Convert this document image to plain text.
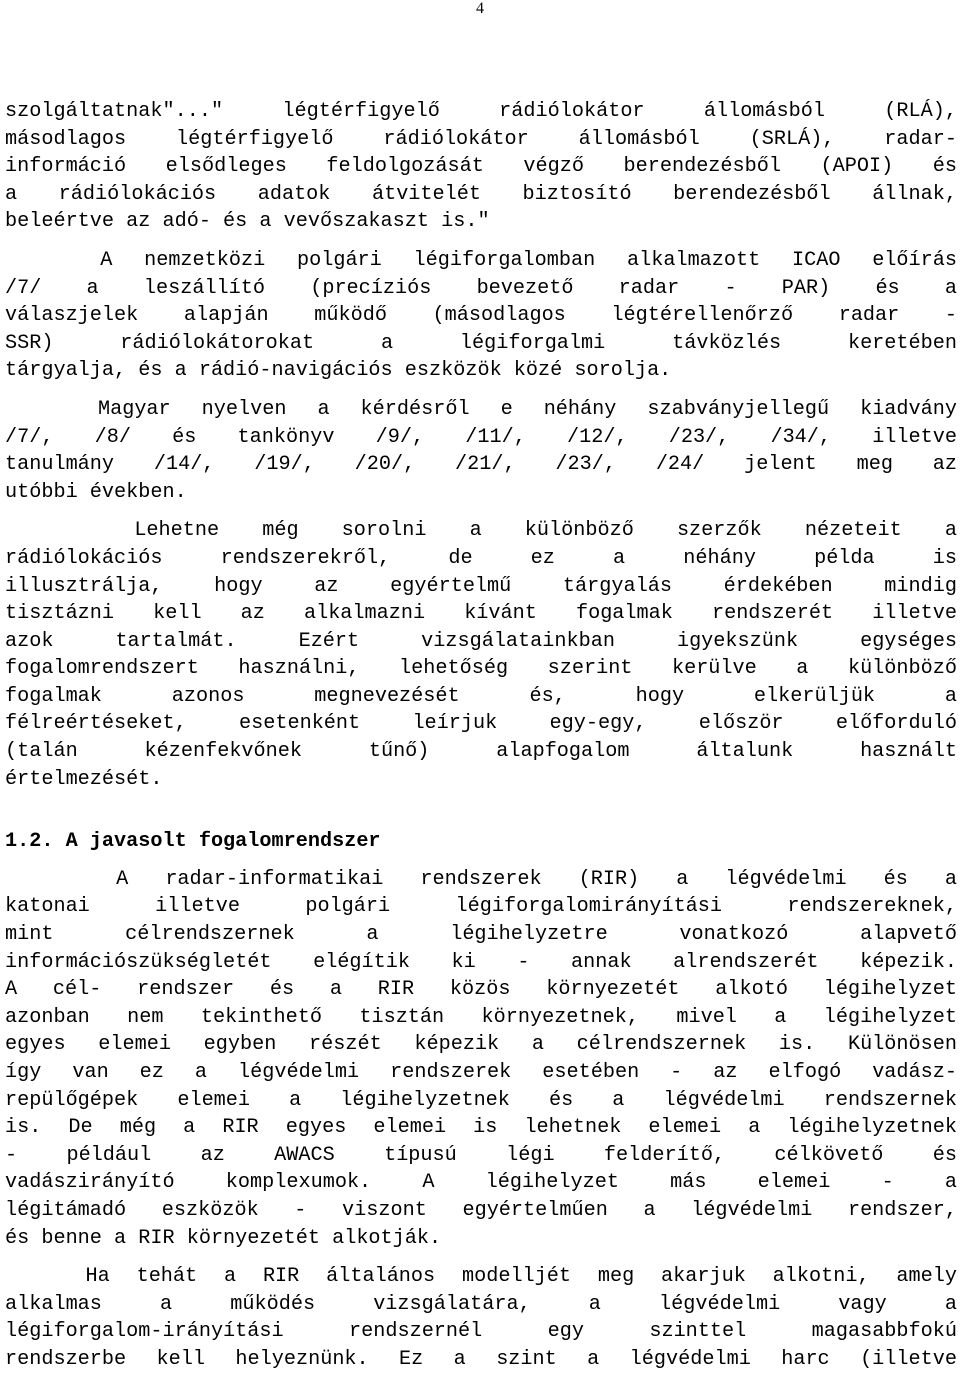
4
szolgáltatnak"..." légtérfigyelő rádiólokátor állomásból (RLÁ),
másodlagos légtérfigyelő rádiólokátor állomásból (SRLÁ), radar-
információ elsődleges feldolgozását végző berendezésből (APOI) és
a rádiólokációs adatok átvitelét biztosító berendezésből állnak,
beleértve az adó- és a vevőszakaszt is."
A nemzetközi polgári légiforgalomban alkalmazott ICAO előírás
/7/ a leszállító (precíziós bevezető radar - PAR) és a
válaszjelek alapján működő (másodlagos légtérellenőrző radar -
SSR) rádiólokátorokat a légiforgalmi távközlés keretében
tárgyalja, és a rádió-navigációs eszközök közé sorolja.
Magyar nyelven a kérdésről e néhány szabványjellegű kiadvány
/7/, /8/ és tankönyv /9/, /11/, /12/, /23/, /34/, illetve
tanulmány /14/, /19/, /20/, /21/, /23/, /24/ jelent meg az
utóbbi években.
Lehetne még sorolni a különböző szerzők nézeteit a
rádiólokációs rendszerekről, de ez a néhány példa is
illusztrálja, hogy az egyértelmű tárgyalás érdekében mindig
tisztázni kell az alkalmazni kívánt fogalmak rendszerét illetve
azok tartalmát. Ezért vizsgálatainkban igyekszünk egységes
fogalomrendszert használni, lehetőség szerint kerülve a különböző
fogalmak azonos megnevezését és, hogy elkerüljük a
félreértéseket, esetenként leírjuk egy-egy, először előforduló
(talán kézenfekvőnek tűnő) alapfogalom általunk használt
értelmezését.
1.2. A javasolt fogalomrendszer
A radar-informatikai rendszerek (RIR) a légvédelmi és a
katonai illetve polgári légiforgalomirányítási rendszereknek,
mint célrendszernek a légihelyzetre vonatkozó alapvető
információszükségletét elégítik ki - annak alrendszerét képezik.
A cél- rendszer és a RIR közös környezetét alkotó légihelyzet
azonban nem tekinthető tisztán környezetnek, mivel a légihelyzet
egyes elemei egyben részét képezik a célrendszernek is. Különösen
így van ez a légvédelmi rendszerek esetében - az elfogó vadász-
repülőgépek elemei a légihelyzetnek és a légvédelmi rendszernek
is. De még a RIR egyes elemei is lehetnek elemei a légihelyzetnek
- például az AWACS típusú légi felderítő, célkövető és
vadászirányító komplexumok. A légihelyzet más elemei - a
légitámadó eszközök - viszont egyértelműen a légvédelmi rendszer,
és benne a RIR környezetét alkotják.
Ha tehát a RIR általános modelljét meg akarjuk alkotni, amely
alkalmas a működés vizsgálatára, a légvédelmi vagy a
légiforgalom-irányítási rendszernél egy szinttel magasabbfokú
rendszerbe kell helyeznünk. Ez a szint a légvédelmi harc (illetve
